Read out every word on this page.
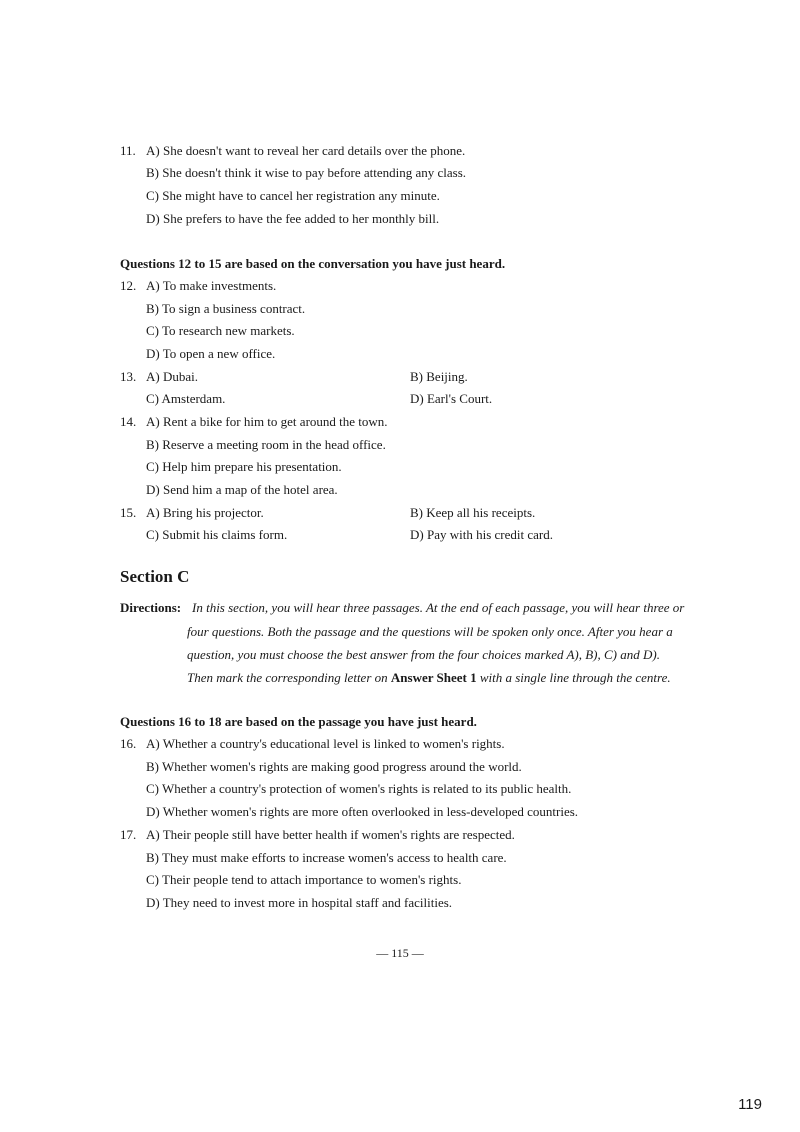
11. A) She doesn't want to reveal her card details over the phone.
B) She doesn't think it wise to pay before attending any class.
C) She might have to cancel her registration any minute.
D) She prefers to have the fee added to her monthly bill.
Questions 12 to 15 are based on the conversation you have just heard.
12. A) To make investments.
B) To sign a business contract.
C) To research new markets.
D) To open a new office.
13. A) Dubai.	B) Beijing.
C) Amsterdam.	D) Earl's Court.
14. A) Rent a bike for him to get around the town.
B) Reserve a meeting room in the head office.
C) Help him prepare his presentation.
D) Send him a map of the hotel area.
15. A) Bring his projector.	B) Keep all his receipts.
C) Submit his claims form.	D) Pay with his credit card.
Section C
Directions: In this section, you will hear three passages. At the end of each passage, you will hear three or
four questions. Both the passage and the questions will be spoken only once. After you hear a
question, you must choose the best answer from the four choices marked A), B), C) and D).
Then mark the corresponding letter on Answer Sheet 1 with a single line through the centre.
Questions 16 to 18 are based on the passage you have just heard.
16. A) Whether a country's educational level is linked to women's rights.
B) Whether women's rights are making good progress around the world.
C) Whether a country's protection of women's rights is related to its public health.
D) Whether women's rights are more often overlooked in less-developed countries.
17. A) Their people still have better health if women's rights are respected.
B) They must make efforts to increase women's access to health care.
C) Their people tend to attach importance to women's rights.
D) They need to invest more in hospital staff and facilities.
— 115 —
119
